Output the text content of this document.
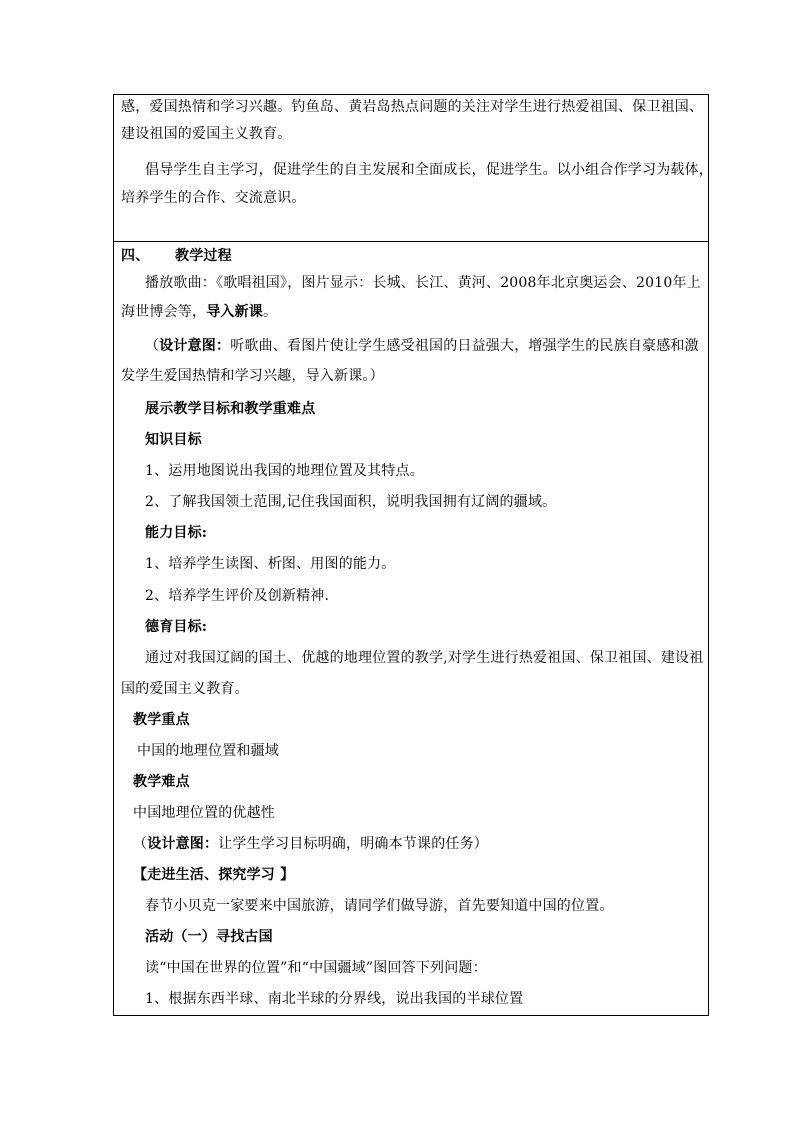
感，爱国热情和学习兴趣。钓鱼岛、黄岩岛热点问题的关注对学生进行热爱祖国、保卫祖国、
建设祖国的爱国主义教育。
倡导学生自主学习，促进学生的自主发展和全面成长，促进学生。以小组合作学习为载体，
培养学生的合作、交流意识。
四、 教学过程
播放歌曲：《歌唱祖国》，图片显示：长城、长江、黄河、2008年北京奥运会、2010年上
海世博会等，导入新课。
（设计意图：听歌曲、看图片使让学生感受祖国的日益强大，增强学生的民族自豪感和激
发学生爱国热情和学习兴趣，导入新课。）
展示教学目标和教学重难点
知识目标
1、运用地图说出我国的地理位置及其特点。
2、了解我国领土范围,记住我国面积，说明我国拥有辽阔的疆域。
能力目标:
1、培养学生读图、析图、用图的能力。
2、培养学生评价及创新精神.
德育目标:
通过对我国辽阔的国土、优越的地理位置的教学,对学生进行热爱祖国、保卫祖国、建设祖
国的爱国主义教育。
教学重点
中国的地理位置和疆域
教学难点
中国地理位置的优越性
（设计意图：让学生学习目标明确，明确本节课的任务）
【走进生活、探究学习 】
春节小贝克一家要来中国旅游，请同学们做导游，首先要知道中国的位置。
活动（一）寻找古国
读“中国在世界的位置”和“中国疆域”图回答下列问题：
1、根据东西半球、南北半球的分界线，说出我国的半球位置
